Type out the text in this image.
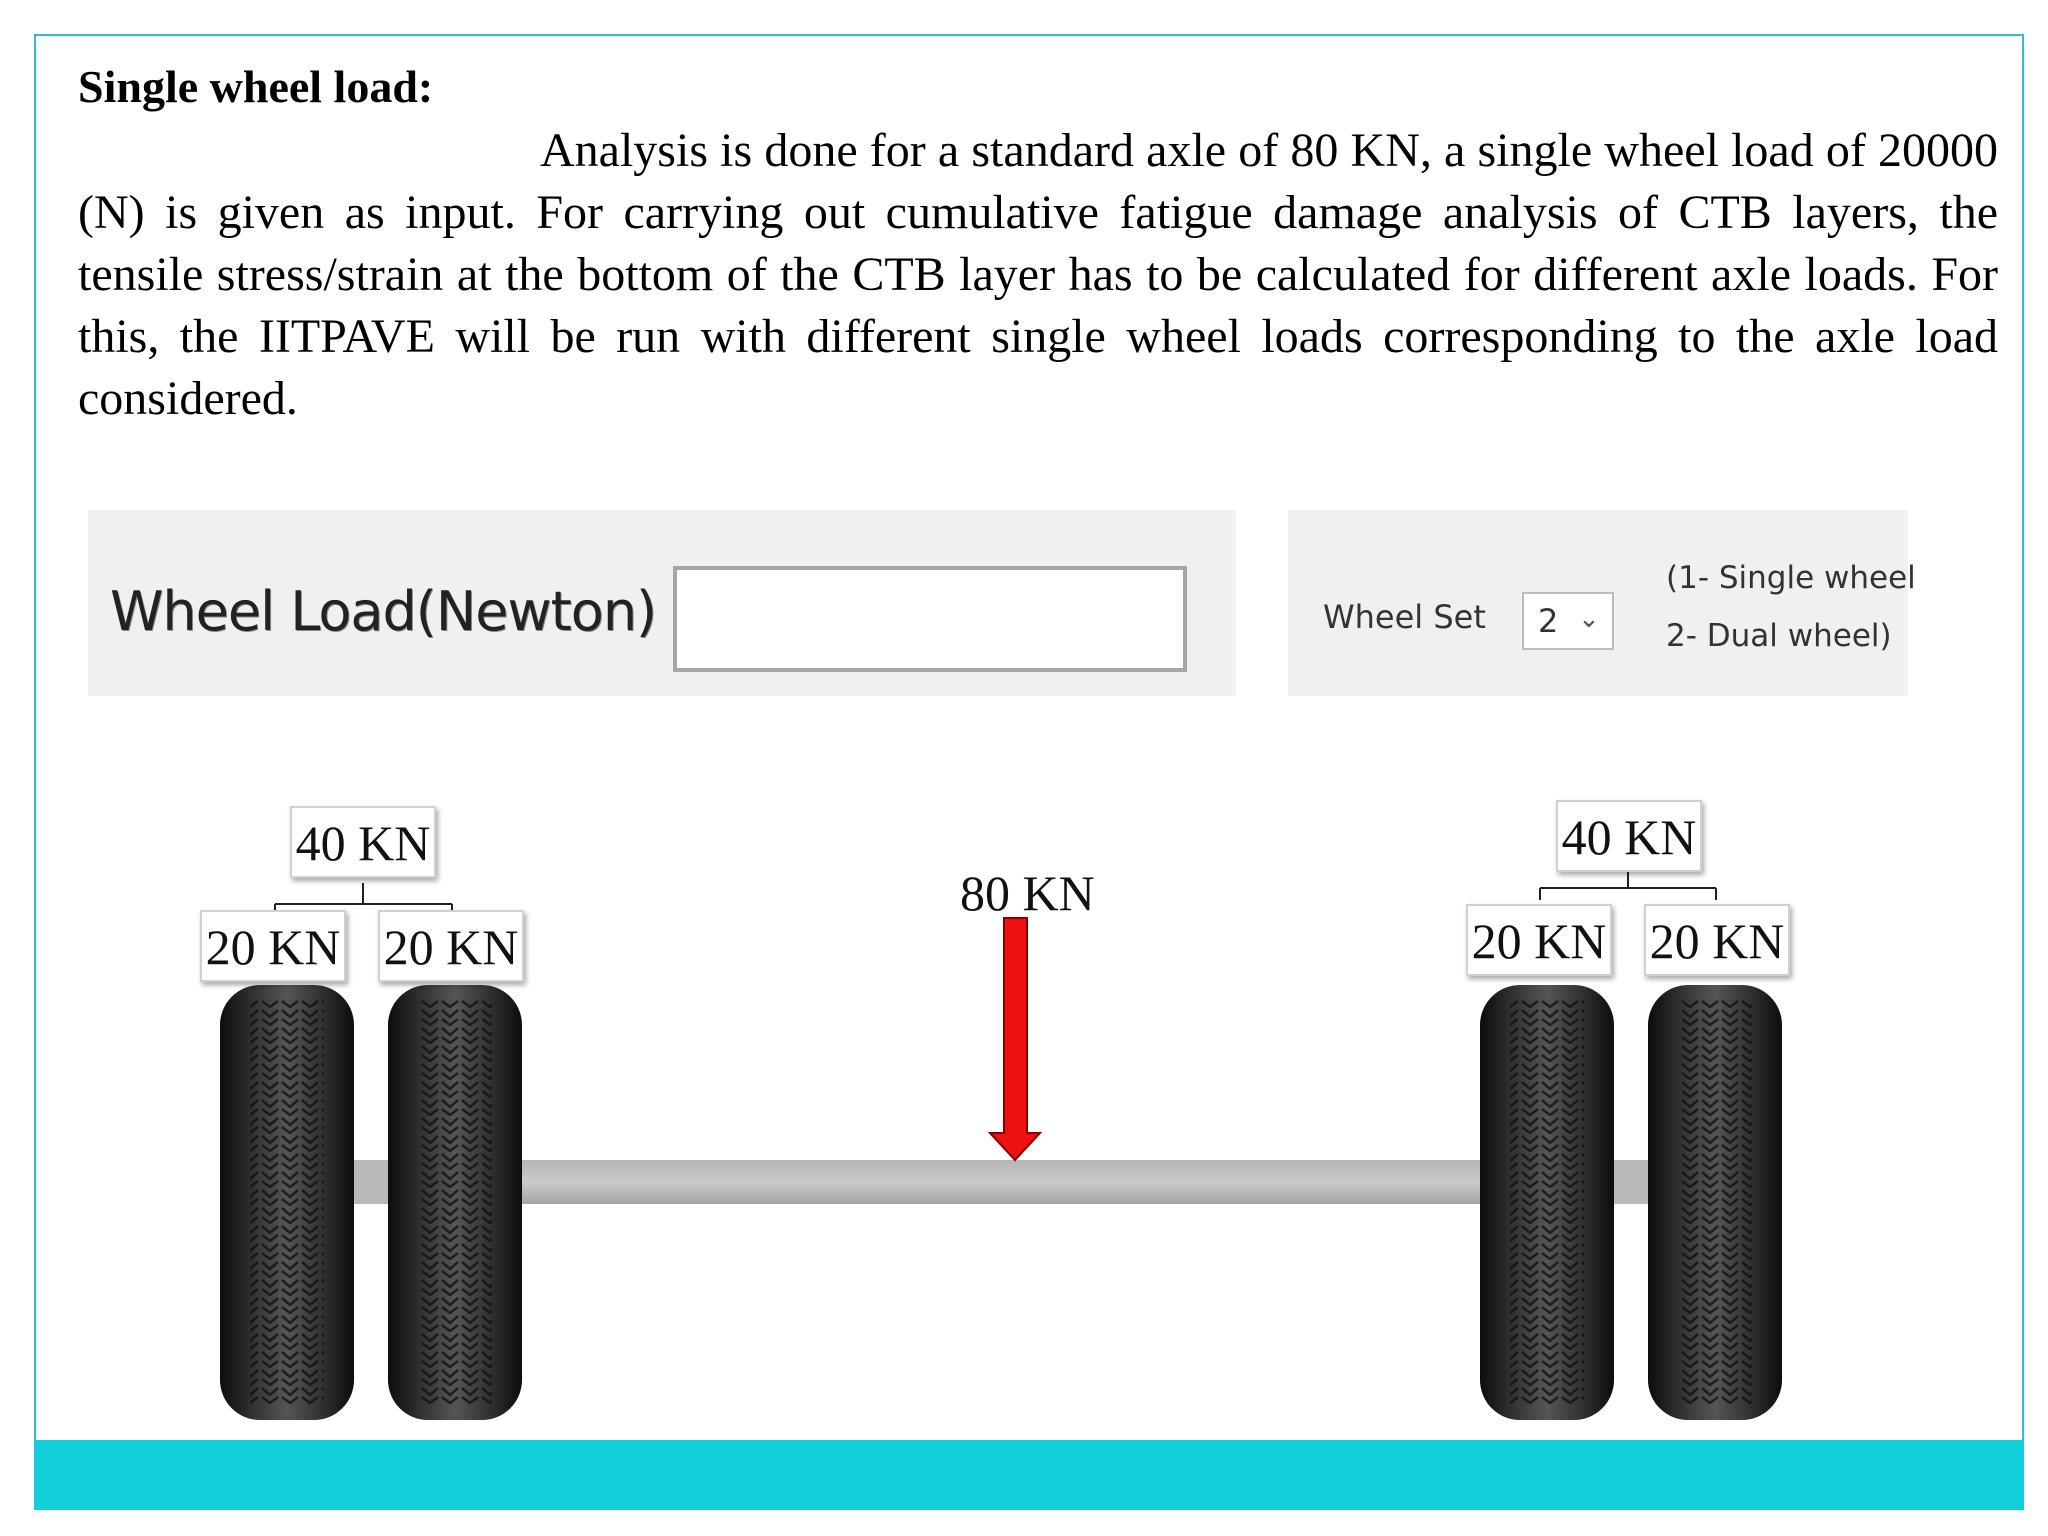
Single wheel load:
Analysis is done for a standard axle of 80 KN, a single wheel load of 20000 (N) is given as input. For carrying out cumulative fatigue damage analysis of CTB layers, the tensile stress/strain at the bottom of the CTB layer has to be calculated for different axle loads. For this, the IITPAVE will be run with different single wheel loads corresponding to the axle load considered.
Wheel Load(Newton)	Wheel Set 2 ⌄
(1- Single wheel
2- Dual wheel)
40 KN
20 KN 20 KN
80 KN
40 KN
20 KN 20 KN
